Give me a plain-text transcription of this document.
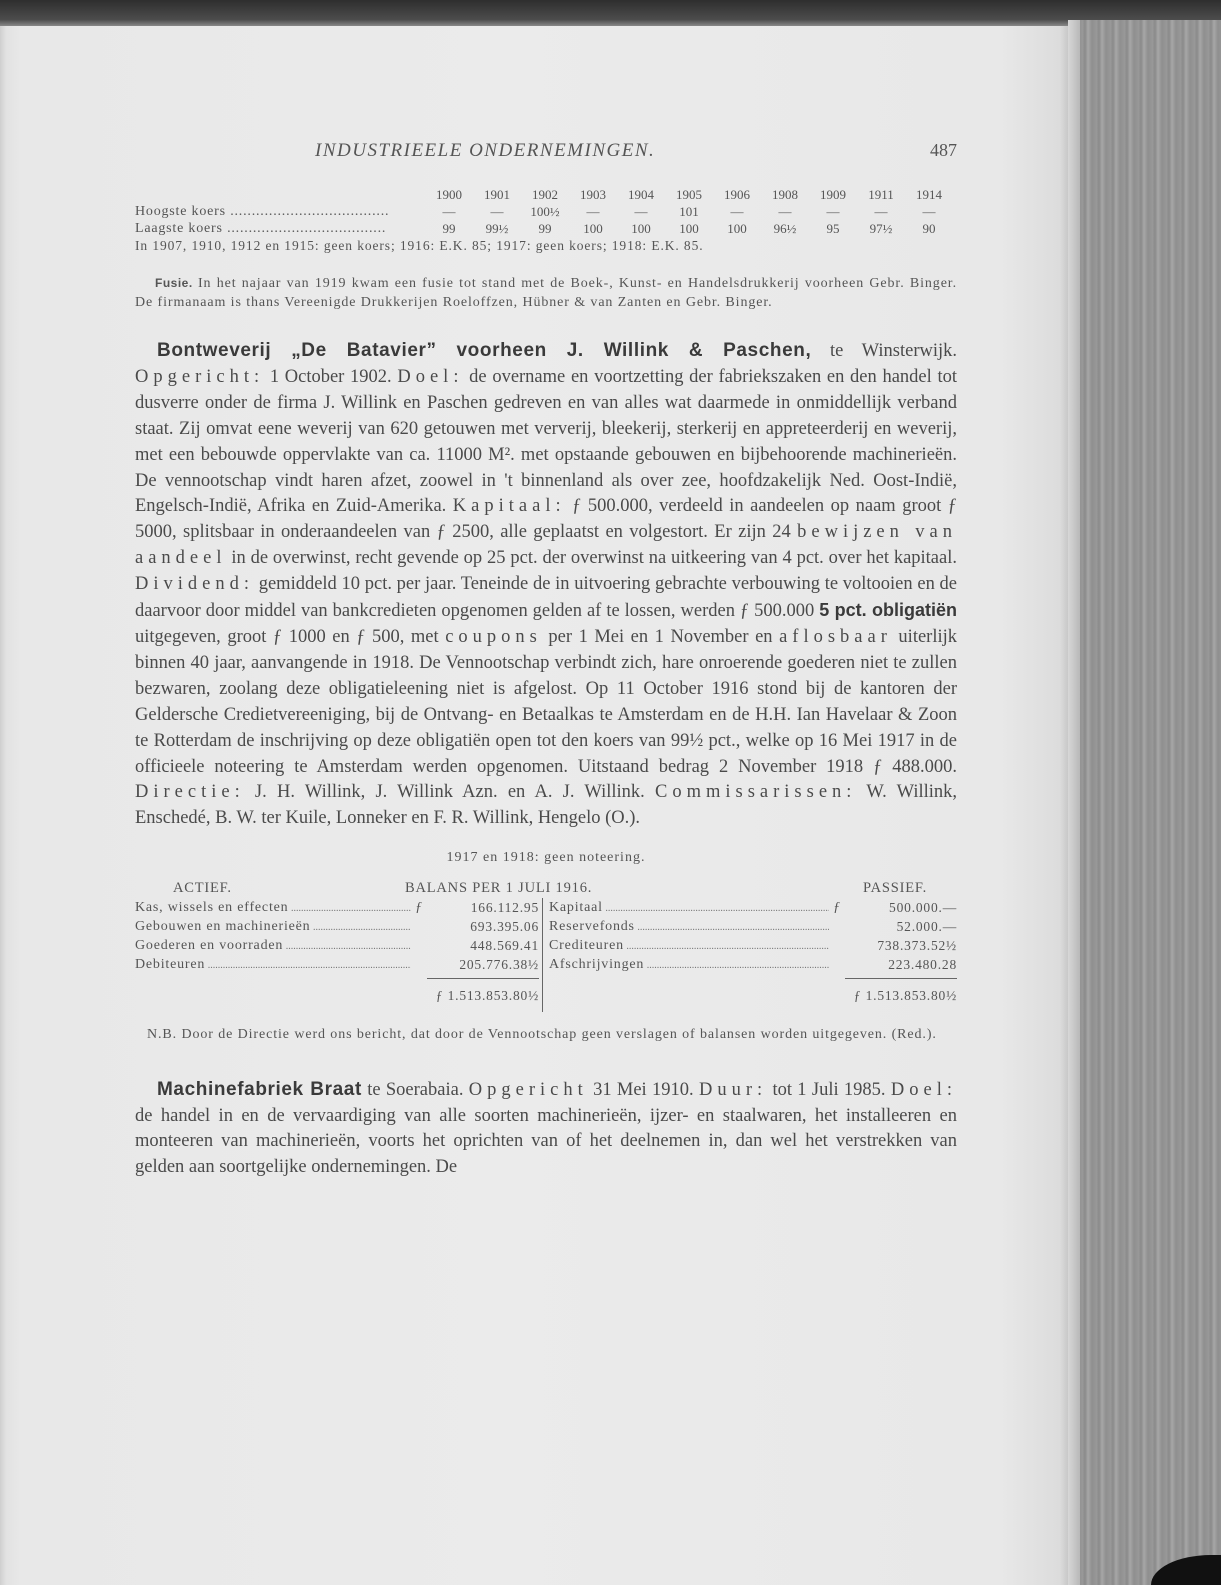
INDUSTRIEELE ONDERNEMINGEN.	487
1900	1901	1902	1903	1904	1905	1906	1908	1909	1911	1914
Hoogste koers .....................................	—	—	100½	—	—	101	—	—	—	—	—
Laagste koers .....................................	99	99½	99	100	100	100	100	96½	95	97½	90
In 1907, 1910, 1912 en 1915: geen koers; 1916: E.K. 85; 1917: geen koers; 1918: E.K. 85.

Fusie. In het najaar van 1919 kwam een fusie tot stand met de Boek-, Kunst- en Handelsdrukkerij voorheen Gebr. Binger. De firmanaam is thans Vereenigde Drukkerijen Roeloffzen, Hübner & van Zanten en Gebr. Binger.

Bontweverij „De Batavier” voorheen J. Willink & Paschen, te Winsterwijk. Opgericht: 1 October 1902. Doel: de overname en voortzetting der fabriekszaken en den handel tot dusverre onder de firma J. Willink en Paschen gedreven en van alles wat daarmede in onmiddellijk verband staat. Zij omvat eene weverij van 620 getouwen met ververij, bleekerij, sterkerij en appreteerderij en weverij, met een bebouwde oppervlakte van ca. 11000 M². met opstaande gebouwen en bijbehoorende machinerieën. De vennootschap vindt haren afzet, zoowel in 't binnenland als over zee, hoofdzakelijk Ned. Oost-Indië, Engelsch-Indië, Afrika en Zuid-Amerika. Kapitaal: ƒ 500.000, verdeeld in aandeelen op naam groot ƒ 5000, splitsbaar in onderaandeelen van ƒ 2500, alle geplaatst en volgestort. Er zijn 24 bewijzen van aandeel in de overwinst, recht gevende op 25 pct. der overwinst na uitkeering van 4 pct. over het kapitaal. Dividend: gemiddeld 10 pct. per jaar. Teneinde de in uitvoering gebrachte verbouwing te voltooien en de daarvoor door middel van bankcredieten opgenomen gelden af te lossen, werden ƒ 500.000 5 pct. obligatiën uitgegeven, groot ƒ 1000 en ƒ 500, met coupons per 1 Mei en 1 November en aflosbaar uiterlijk binnen 40 jaar, aanvangende in 1918. De Vennootschap verbindt zich, hare onroerende goederen niet te zullen bezwaren, zoolang deze obligatieleening niet is afgelost. Op 11 October 1916 stond bij de kantoren der Geldersche Credietvereeniging, bij de Ontvang- en Betaalkas te Amsterdam en de H.H. Ian Havelaar & Zoon te Rotterdam de inschrijving op deze obligatiën open tot den koers van 99½ pct., welke op 16 Mei 1917 in de officieele noteering te Amsterdam werden opgenomen. Uitstaand bedrag 2 November 1918 ƒ 488.000. Directie: J. H. Willink, J. Willink Azn. en A. J. Willink. Commissarissen: W. Willink, Enschedé, B. W. ter Kuile, Lonneker en F. R. Willink, Hengelo (O.).

1917 en 1918: geen noteering.
ACTIEF.	BALANS PER 1 JULI 1916.	PASSIEF.
Kas, wissels en effecten .....	ƒ	166.112.95
Gebouwen en machinerieën .....	693.395.06
Goederen en voorraden .....	448.569.41
Debiteuren .....	205.776.38½
ƒ 1.513.853.80½
Kapitaal .....	ƒ	500.000.—
Reservefonds .....	52.000.—
Crediteuren .....	738.373.52½
Afschrijvingen .....	223.480.28
ƒ 1.513.853.80½

N.B. Door de Directie werd ons bericht, dat door de Vennootschap geen verslagen of balansen worden uitgegeven. (Red.).

Machinefabriek Braat te Soerabaia. Opgericht 31 Mei 1910. Duur: tot 1 Juli 1985. Doel: de handel in en de vervaardiging van alle soorten machinerieën, ijzer- en staalwaren, het installeeren en monteeren van machinerieën, voorts het oprichten van of het deelnemen in, dan wel het verstrekken van gelden aan soortgelijke ondernemingen. De
